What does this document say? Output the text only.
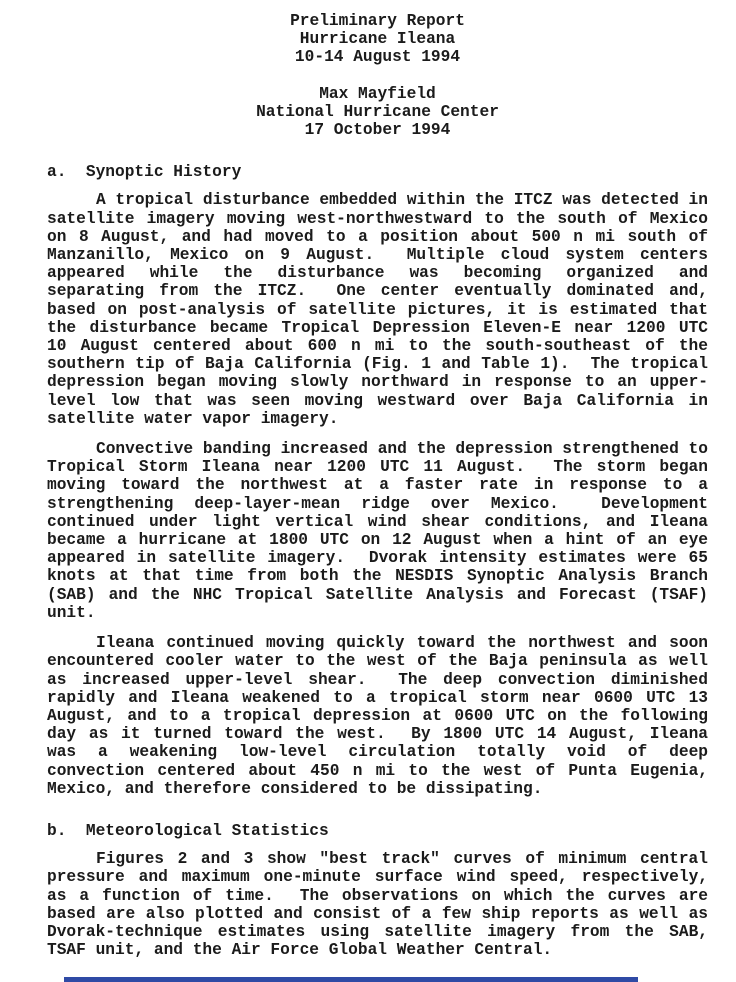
Preliminary Report
Hurricane Ileana
10-14 August 1994
Max Mayfield
National Hurricane Center
17 October 1994
a.  Synoptic History
A tropical disturbance embedded within the ITCZ was detected in
satellite imagery moving west-northwestward to the south of Mexico
on 8 August, and had moved to a position about 500 n mi south of
Manzanillo, Mexico on 9 August.  Multiple cloud system centers
appeared while the disturbance was becoming organized and
separating from the ITCZ.  One center eventually dominated and,
based on post-analysis of satellite pictures, it is estimated that
the disturbance became Tropical Depression Eleven-E near 1200 UTC
10 August centered about 600 n mi to the south-southeast of the
southern tip of Baja California (Fig. 1 and Table 1).  The tropical
depression began moving slowly northward in response to an upper-
level low that was seen moving westward over Baja California in
satellite water vapor imagery.
Convective banding increased and the depression strengthened to
Tropical Storm Ileana near 1200 UTC 11 August.  The storm began
moving toward the northwest at a faster rate in response to a
strengthening deep-layer-mean ridge over Mexico.  Development
continued under light vertical wind shear conditions, and Ileana
became a hurricane at 1800 UTC on 12 August when a hint of an eye
appeared in satellite imagery.  Dvorak intensity estimates were 65
knots at that time from both the NESDIS Synoptic Analysis Branch
(SAB) and the NHC Tropical Satellite Analysis and Forecast (TSAF)
unit.
Ileana continued moving quickly toward the northwest and soon
encountered cooler water to the west of the Baja peninsula as well
as increased upper-level shear.  The deep convection diminished
rapidly and Ileana weakened to a tropical storm near 0600 UTC 13
August, and to a tropical depression at 0600 UTC on the following
day as it turned toward the west.  By 1800 UTC 14 August, Ileana
was a weakening low-level circulation totally void of deep
convection centered about 450 n mi to the west of Punta Eugenia,
Mexico, and therefore considered to be dissipating.
b.  Meteorological Statistics
Figures 2 and 3 show "best track" curves of minimum central
pressure and maximum one-minute surface wind speed, respectively,
as a function of time.  The observations on which the curves are
based are also plotted and consist of a few ship reports as well as
Dvorak-technique estimates using satellite imagery from the SAB,
TSAF unit, and the Air Force Global Weather Central.
